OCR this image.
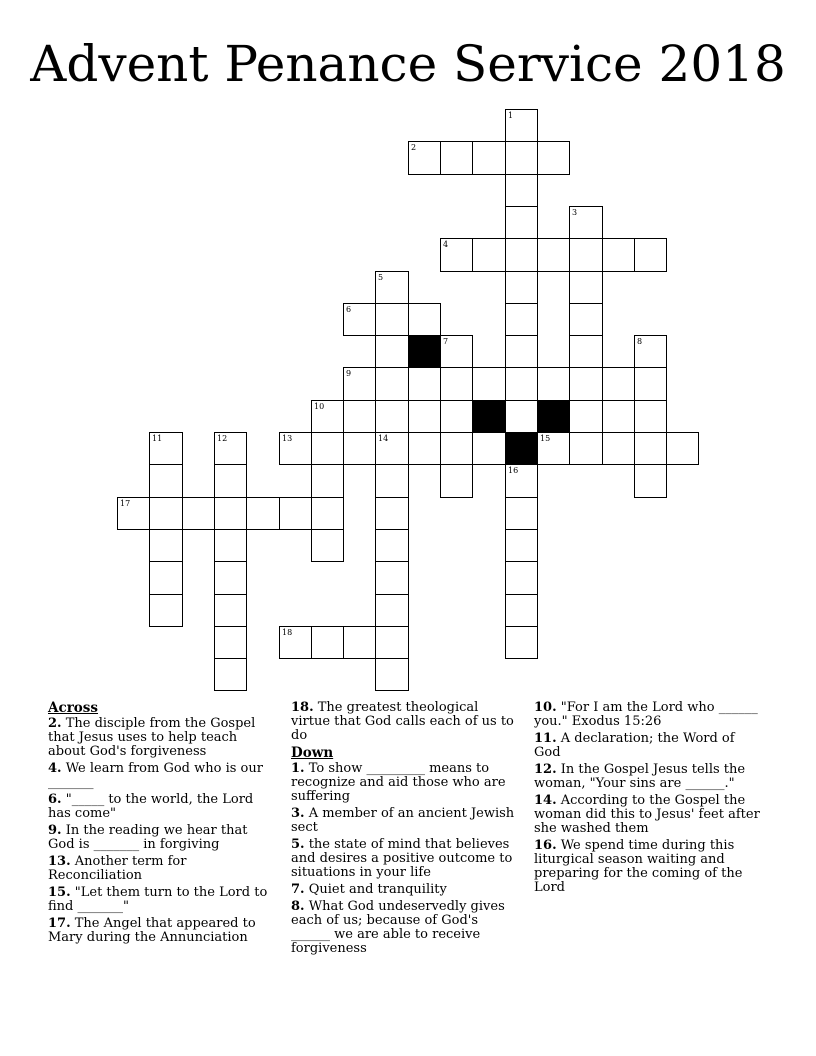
Advent Penance Service 2018
1
2
3
4
5
6
7	8
9
10
11	12	13	14	15
16
17
18
Across

2. The disciple from the Gospel that Jesus uses to help teach about God's forgiveness

4. We learn from God who is our _______

6. "_____ to the world, the Lord has come"

9. In the reading we hear that God is _______ in forgiving

13. Another term for Reconciliation

15. "Let them turn to the Lord to find _______"

17. The Angel that appeared to Mary during the Annunciation

18. The greatest theological virtue that God calls each of us to do

Down

1. To show _________ means to recognize and aid those who are suffering

3. A member of an ancient Jewish sect

5. the state of mind that believes and desires a positive outcome to situations in your life

7. Quiet and tranquility

8. What God undeservedly gives each of us; because of God's ______ we are able to receive forgiveness

10. "For I am the Lord who ______ you." Exodus 15:26

11. A declaration; the Word of God

12. In the Gospel Jesus tells the woman, "Your sins are ______."

14. According to the Gospel the woman did this to Jesus' feet after she washed them

16. We spend time during this liturgical season waiting and preparing for the coming of the Lord
